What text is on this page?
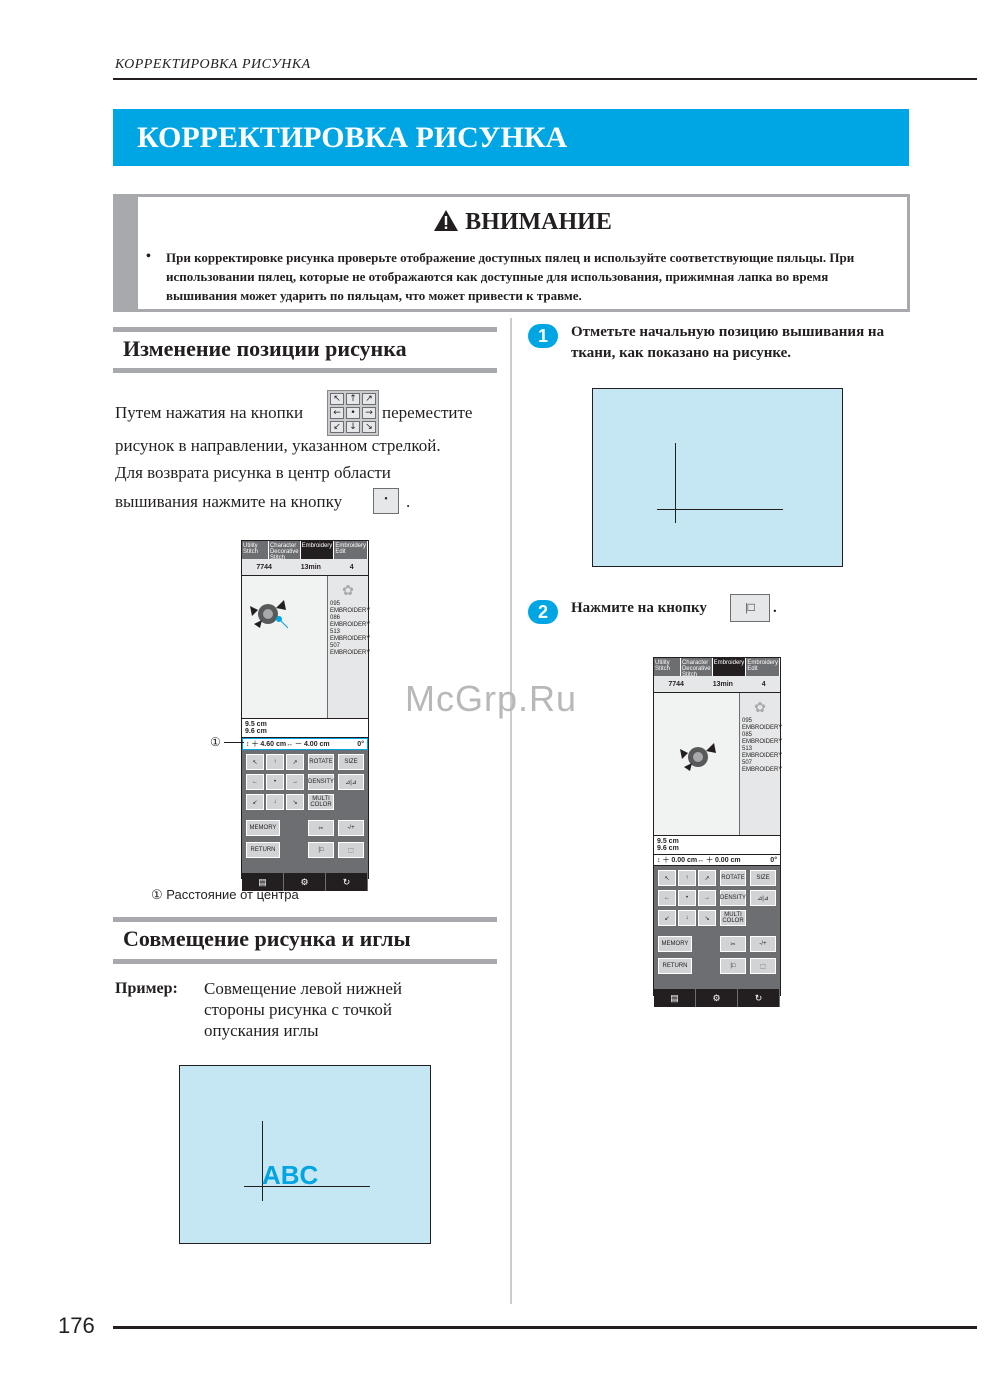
КОРРЕКТИРОВКА РИСУНКА
КОРРЕКТИРОВКА РИСУНКА
ВНИМАНИЕ
• При корректировке рисунка проверьте отображение доступных пялец и используйте соответствующие пяльцы. При использовании пялец, которые не отображаются как доступные для использования, прижимная лапка во время вышивания может ударить по пяльцам, что может привести к травме.
Изменение позиции рисунка
Путем нажатия на кнопки
↖ ↑ ↗
←	•	→
↙ ↓ ↘
переместите
рисунок в направлении, указанном стрелкой.
Для возврата рисунка в центр области
вышивания нажмите на кнопку	•	.
Utility Stitch
Character Decorative Stitch
Embroidery Embroidery Edit
7744	13min	4
✿
095 EMBROIDERY
086 EMBROIDERY
513 EMBROIDERY
507 EMBROIDERY
9.5 cm
9.6 cm
↕ ＋ 4.60 cm↔ － 4.00 cm	0°
↖	↑	↗
←	•	→
↙	↓	↘
ROTATE	SIZE
DENSITY	⊿|⊿
MULTI COLOR
MEMORY	✂	-/+
RETURN	|□	⬚
▤	⚙	↻
①
① Расстояние от центра
Совмещение рисунка и иглы
Пример: Совмещение левой нижней стороны рисунка с точкой опускания иглы
ABC
1	Отметьте начальную позицию вышивания на ткани, как показано на рисунке.
2	Нажмите на кнопку	|□	.
Utility Stitch
Character Decorative Stitch
Embroidery Embroidery Edit
7744	13min	4
✿
095 EMBROIDERY
085 EMBROIDERY
513 EMBROIDERY
507 EMBROIDERY
9.5 cm
9.6 cm
↕ ＋ 0.00 cm↔ ＋ 0.00 cm	0°
↖	↑	↗
←	•	→
↙	↓	↘
ROTATE	SIZE
DENSITY	⊿|⊿
MULTI COLOR
MEMORY	✂	-/+
RETURN	|□	⬚
▤	⚙	↻
McGrp.Ru
176
